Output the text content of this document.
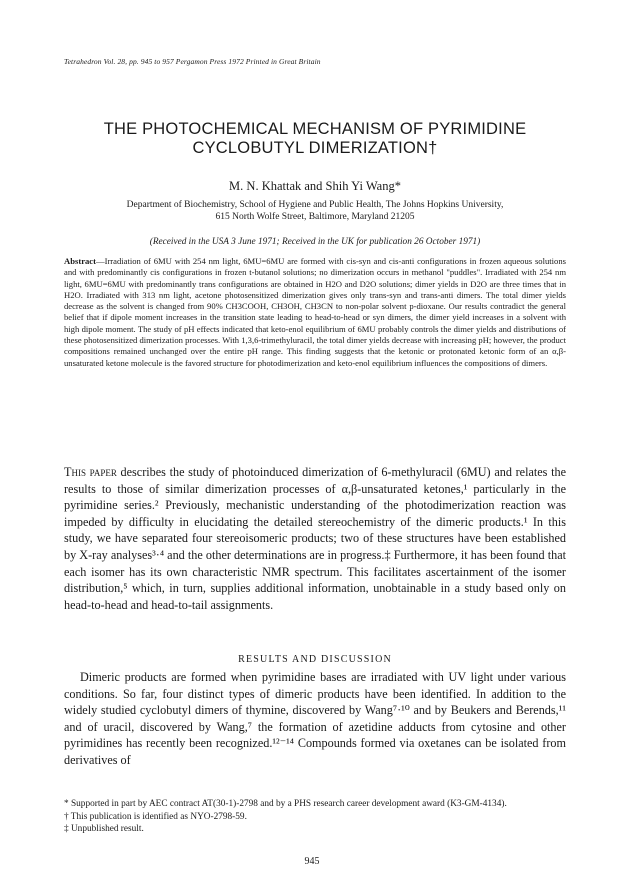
Tetrahedron Vol. 28, pp. 945 to 957 Pergamon Press 1972 Printed in Great Britain
THE PHOTOCHEMICAL MECHANISM OF PYRIMIDINE
CYCLOBUTYL DIMERIZATION†
M. N. Khattak and Shih Yi Wang*
Department of Biochemistry, School of Hygiene and Public Health, The Johns Hopkins University,
615 North Wolfe Street, Baltimore, Maryland 21205
(Received in the USA 3 June 1971; Received in the UK for publication 26 October 1971)
Abstract—Irradiation of 6MU with 254 nm light, 6MU=6MU are formed with cis-syn and cis-anti configurations in frozen aqueous solutions and with predominantly cis configurations in frozen t-butanol solutions; no dimerization occurs in methanol "puddles". Irradiated with 254 nm light, 6MU=6MU with predominantly trans configurations are obtained in H2O and D2O solutions; dimer yields in D2O are three times that in H2O. Irradiated with 313 nm light, acetone photosensitized dimerization gives only trans-syn and trans-anti dimers. The total dimer yields decrease as the solvent is changed from 90% CH3COOH, CH3OH, CH3CN to non-polar solvent p-dioxane. Our results contradict the general belief that if dipole moment increases in the transition state leading to head-to-head or syn dimers, the dimer yield increases in a solvent with high dipole moment. The study of pH effects indicated that keto-enol equilibrium of 6MU probably controls the dimer yields and distributions of these photosensitized dimerization processes. With 1,3,6-trimethyluracil, the total dimer yields decrease with increasing pH; however, the product compositions remained unchanged over the entire pH range. This finding suggests that the ketonic or protonated ketonic form of an α,β-unsaturated ketone molecule is the favored structure for photodimerization and keto-enol equilibrium influences the compositions of dimers.

This paper describes the study of photoinduced dimerization of 6-methyluracil (6MU) and relates the results to those of similar dimerization processes of α,β-unsaturated ketones,¹ particularly in the pyrimidine series.² Previously, mechanistic understanding of the photodimerization reaction was impeded by difficulty in elucidating the detailed stereochemistry of the dimeric products.¹ In this study, we have separated four stereoisomeric products; two of these structures have been established by X-ray analyses³·⁴ and the other determinations are in progress.‡ Furthermore, it has been found that each isomer has its own characteristic NMR spectrum. This facilitates ascertainment of the isomer distribution,⁵ which, in turn, supplies additional information, unobtainable in a study based only on head-to-head and head-to-tail assignments.

RESULTS AND DISCUSSION

Dimeric products are formed when pyrimidine bases are irradiated with UV light under various conditions. So far, four distinct types of dimeric products have been identified. In addition to the widely studied cyclobutyl dimers of thymine, discovered by Wang⁷·¹⁰ and by Beukers and Berends,¹¹ and of uracil, discovered by Wang,⁷ the formation of azetidine adducts from cytosine and other pyrimidines has recently been recognized.¹²⁻¹⁴ Compounds formed via oxetanes can be isolated from derivatives of

* Supported in part by AEC contract AT(30-1)-2798 and by a PHS research career development award (K3-GM-4134).

† This publication is identified as NYO-2798-59.

‡ Unpublished result.

945
